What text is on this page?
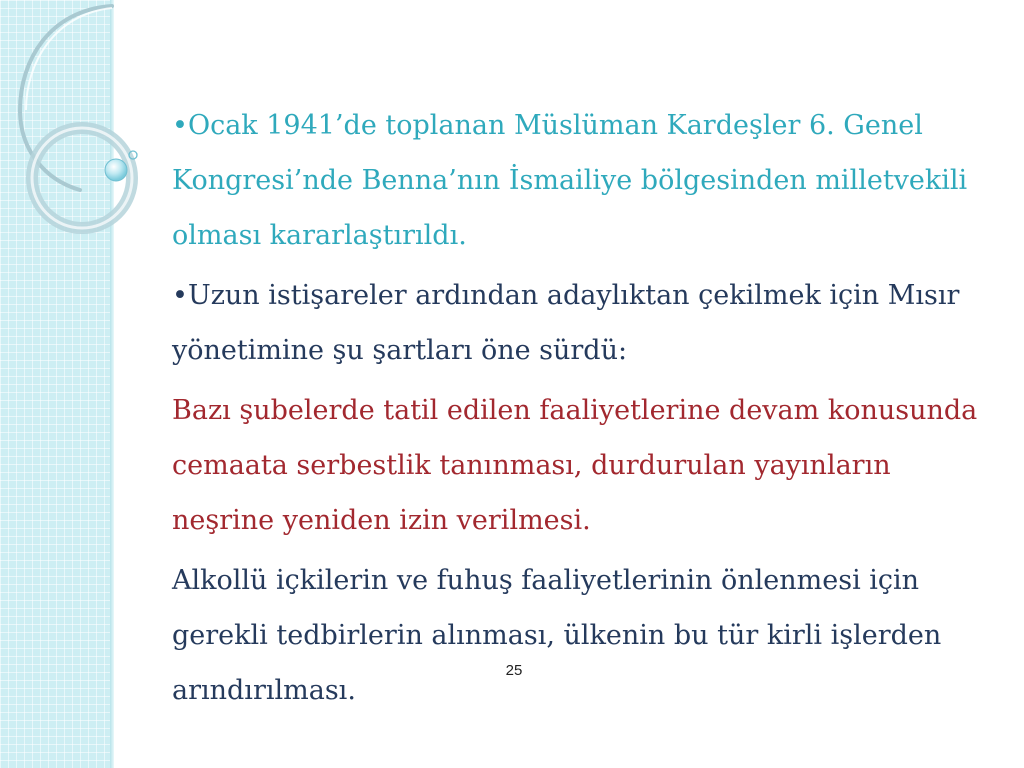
•Ocak 1941’de toplanan Müslüman Kardeşler 6. Genel Kongresi’nde Benna’nın İsmailiye bölgesinden milletvekili olması kararlaştırıldı.

•Uzun istişareler ardından adaylıktan çekilmek için Mısır yönetimine şu şartları öne sürdü:

Bazı şubelerde tatil edilen faaliyetlerine devam konusunda cemaata serbestlik tanınması, durdurulan yayınların neşrine yeniden izin verilmesi.

Alkollü içkilerin ve fuhuş faaliyetlerinin önlenmesi için gerekli tedbirlerin alınması, ülkenin bu tür kirli işlerden arındırılması.

25
